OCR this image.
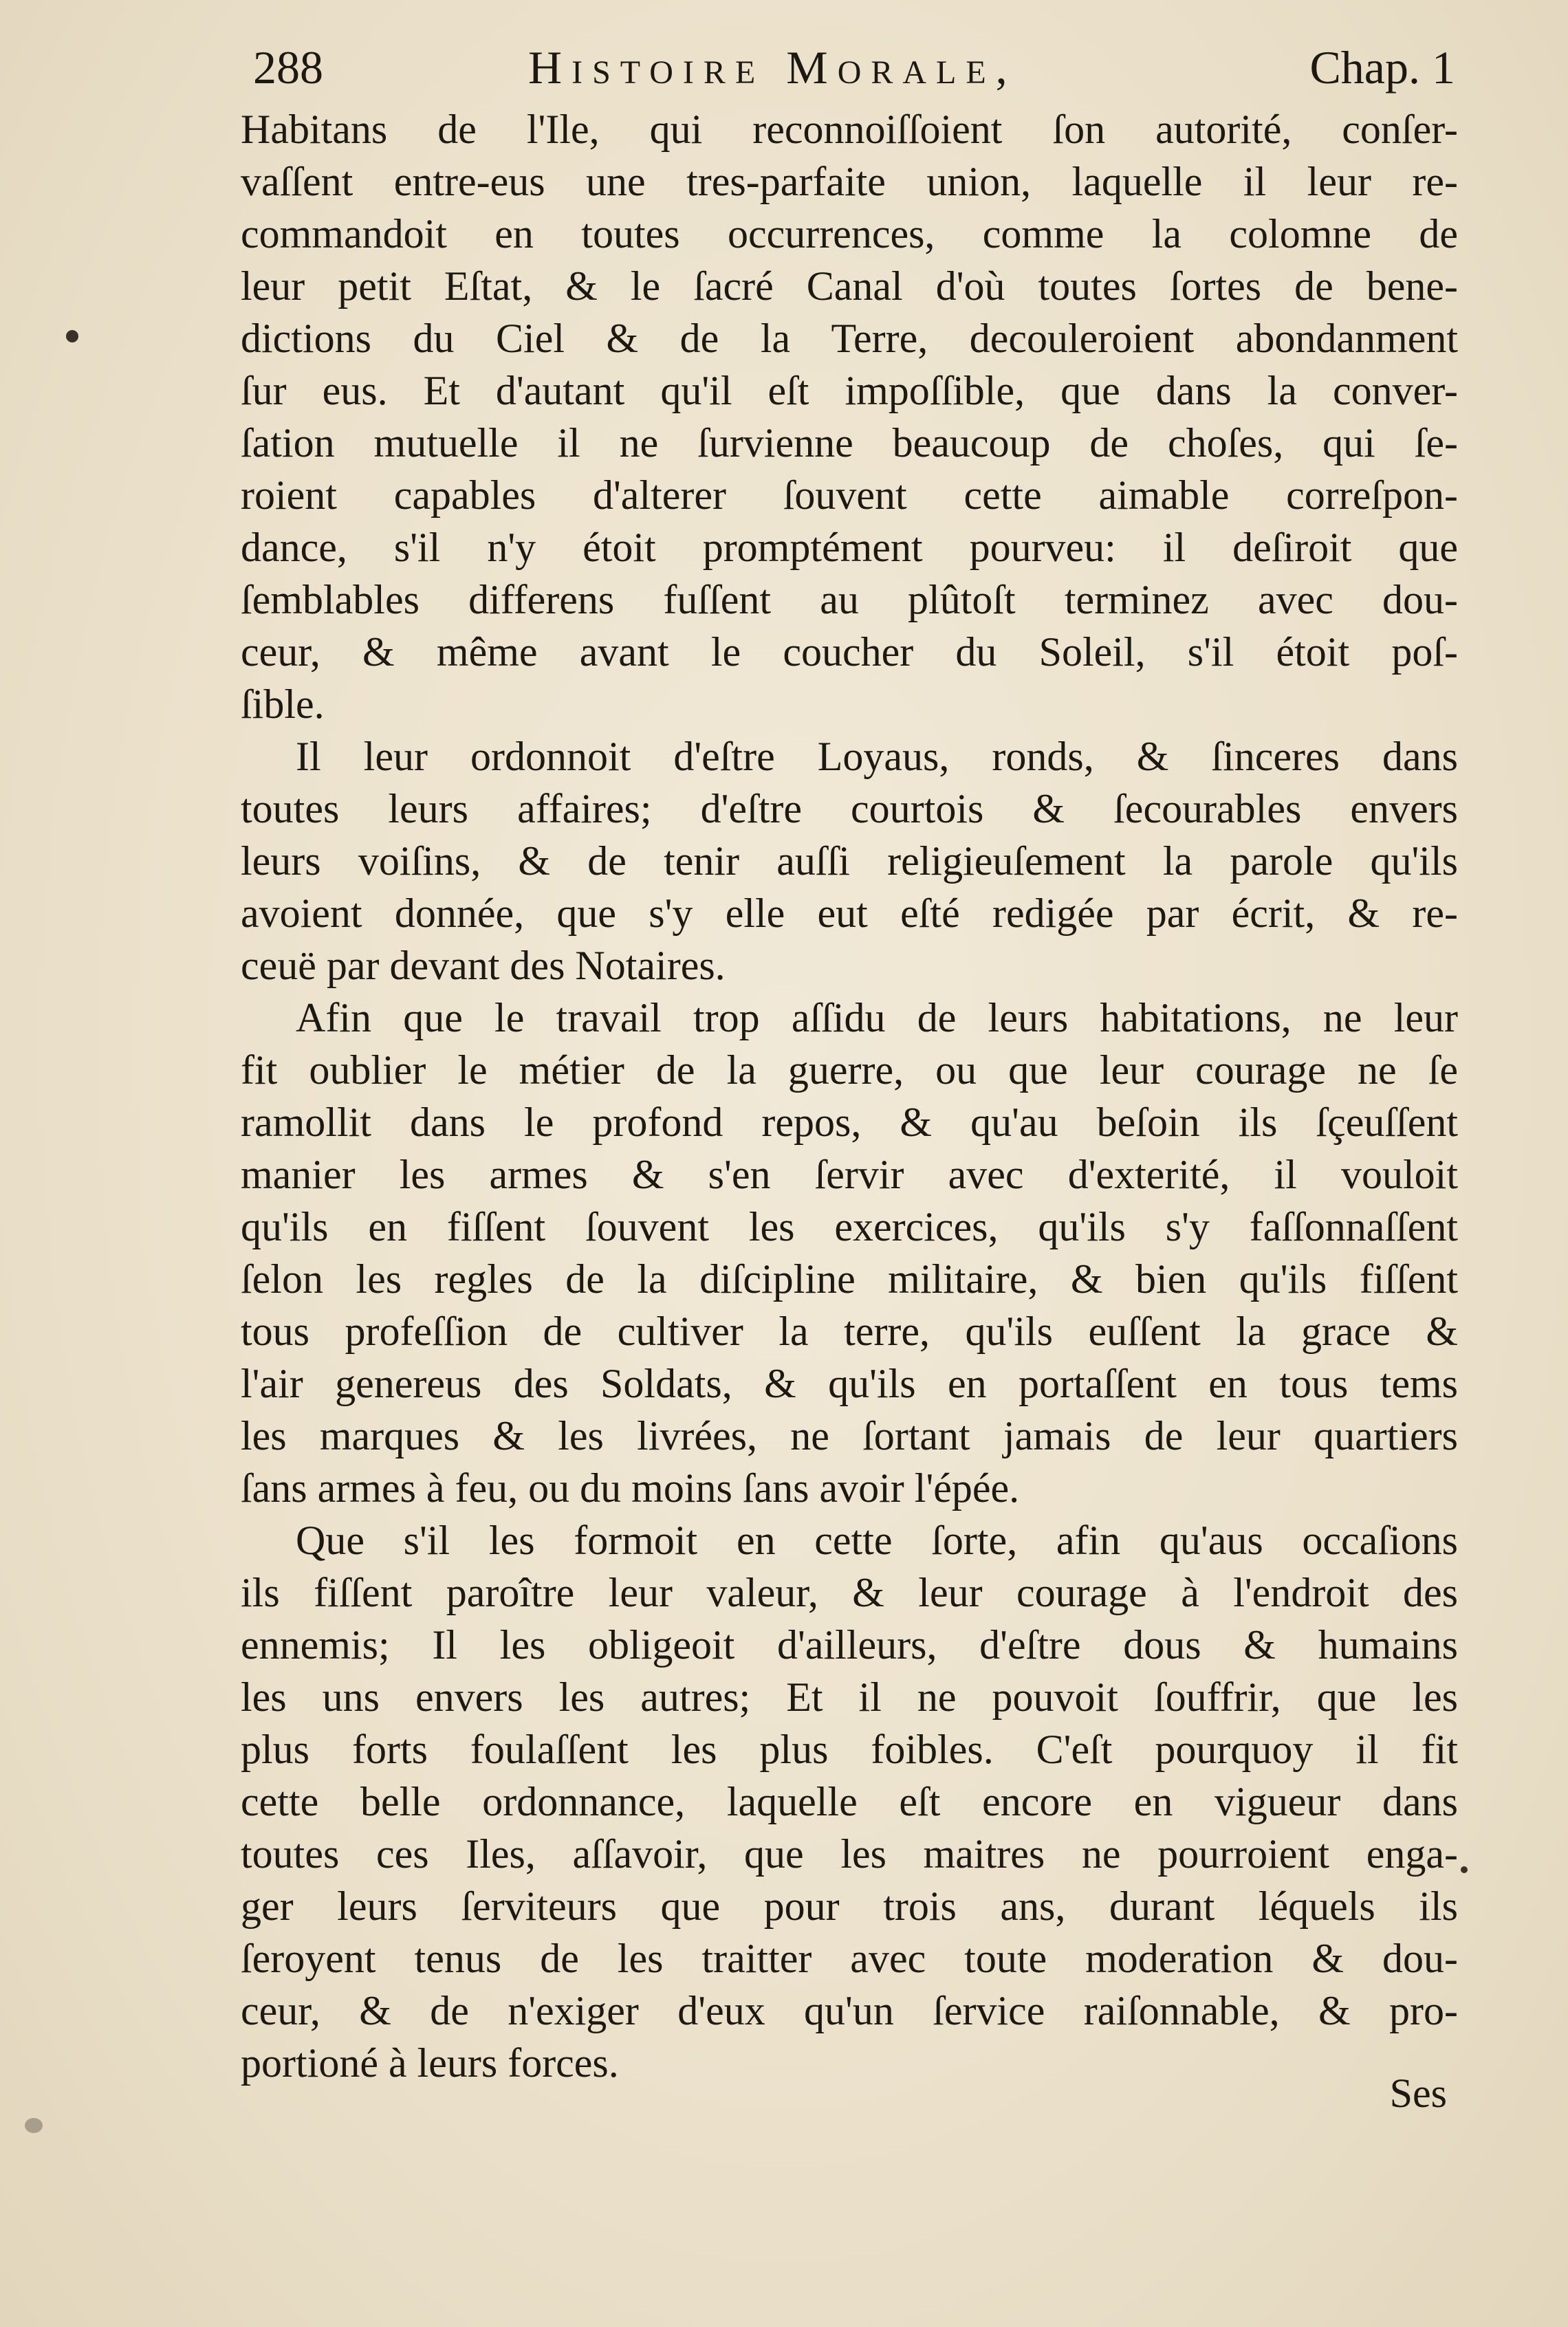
288	Histoire Morale,	Chap. 1
Habitans de l'Ile, qui reconnoiſſoient ſon autorité, conſer-
vaſſent entre-eus une tres-parfaite union, laquelle il leur re-
commandoit en toutes occurrences, comme la colomne de
leur petit Eſtat, & le ſacré Canal d'où toutes ſortes de bene-
dictions du Ciel & de la Terre, decouleroient abondanment
ſur eus. Et d'autant qu'il eſt impoſſible, que dans la conver-
ſation mutuelle il ne ſurvienne beaucoup de choſes, qui ſe-
roient capables d'alterer ſouvent cette aimable correſpon-
dance, s'il n'y étoit promptément pourveu: il deſiroit que
ſemblables differens fuſſent au plûtoſt terminez avec dou-
ceur, & même avant le coucher du Soleil, s'il étoit poſ-
ſible.
Il leur ordonnoit d'eſtre Loyaus, ronds, & ſinceres dans
toutes leurs affaires; d'eſtre courtois & ſecourables envers
leurs voiſins, & de tenir auſſi religieuſement la parole qu'ils
avoient donnée, que s'y elle eut eſté redigée par écrit, & re-
ceuë par devant des Notaires.
Afin que le travail trop aſſidu de leurs habitations, ne leur
fit oublier le métier de la guerre, ou que leur courage ne ſe
ramollit dans le profond repos, & qu'au beſoin ils ſçeuſſent
manier les armes & s'en ſervir avec d'exterité, il vouloit
qu'ils en fiſſent ſouvent les exercices, qu'ils s'y faſſonnaſſent
ſelon les regles de la diſcipline militaire, & bien qu'ils fiſſent
tous profeſſion de cultiver la terre, qu'ils euſſent la grace &
l'air genereus des Soldats, & qu'ils en portaſſent en tous tems
les marques & les livrées, ne ſortant jamais de leur quartiers
ſans armes à feu, ou du moins ſans avoir l'épée.
Que s'il les formoit en cette ſorte, afin qu'aus occaſions
ils fiſſent paroître leur valeur, & leur courage à l'endroit des
ennemis; Il les obligeoit d'ailleurs, d'eſtre dous & humains
les uns envers les autres; Et il ne pouvoit ſouffrir, que les
plus forts foulaſſent les plus foibles. C'eſt pourquoy il fit
cette belle ordonnance, laquelle eſt encore en vigueur dans
toutes ces Iles, aſſavoir, que les maitres ne pourroient enga-
ger leurs ſerviteurs que pour trois ans, durant léquels ils
ſeroyent tenus de les traitter avec toute moderation & dou-
ceur, & de n'exiger d'eux qu'un ſervice raiſonnable, & pro-
portioné à leurs forces.
Ses
